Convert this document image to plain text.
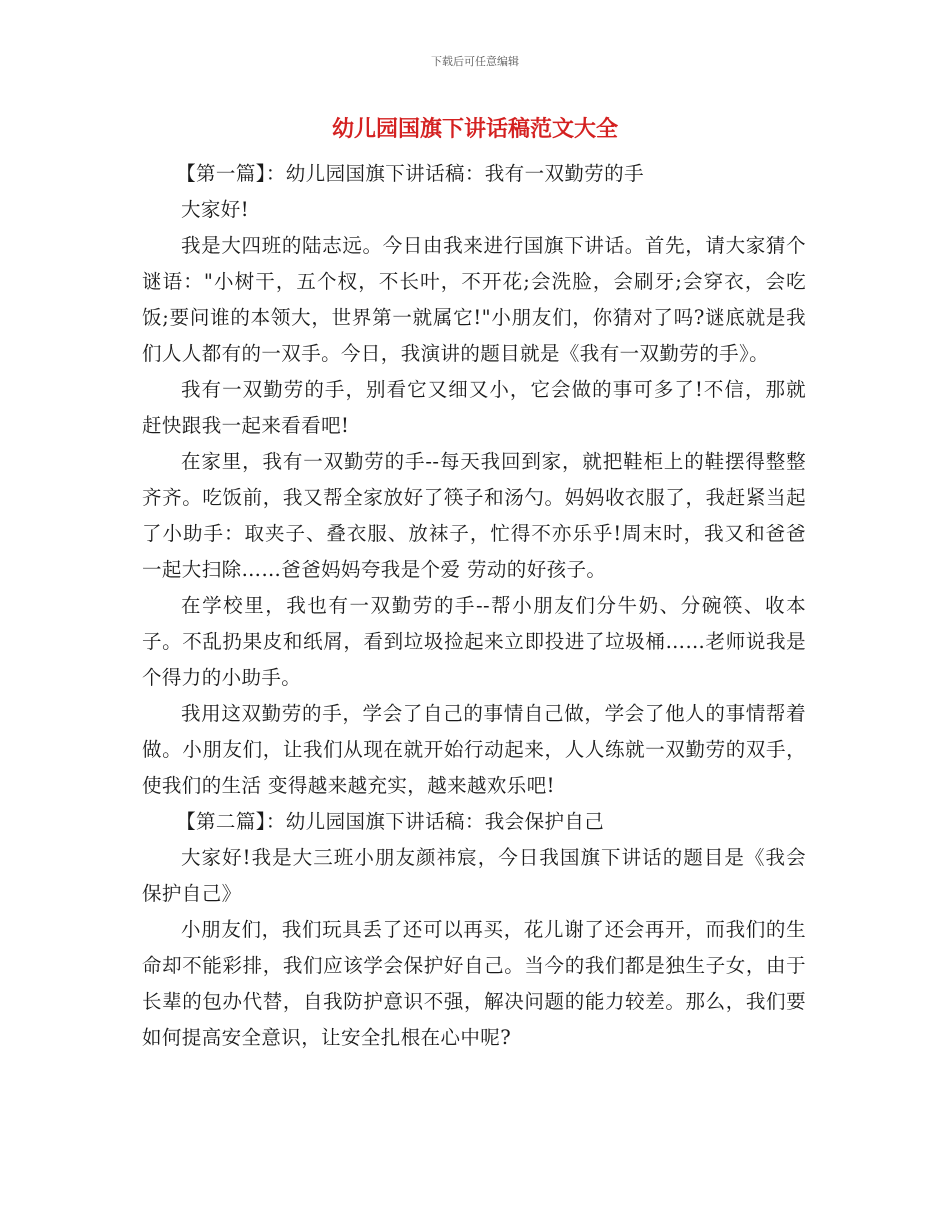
下载后可任意编辑
幼儿园国旗下讲话稿范文大全

【第一篇】：幼儿园国旗下讲话稿：我有一双勤劳的手

大家好!

我是大四班的陆志远。今日由我来进行国旗下讲话。首先，请大家猜个谜语："小树干，五个杈，不长叶，不开花;会洗脸，会刷牙;会穿衣，会吃饭;要问谁的本领大，世界第一就属它!"小朋友们，你猜对了吗?谜底就是我们人人都有的一双手。今日，我演讲的题目就是《我有一双勤劳的手》。

我有一双勤劳的手，别看它又细又小，它会做的事可多了!不信，那就赶快跟我一起来看看吧!

在家里，我有一双勤劳的手--每天我回到家，就把鞋柜上的鞋摆得整整齐齐。吃饭前，我又帮全家放好了筷子和汤勺。妈妈收衣服了，我赶紧当起了小助手：取夹子、叠衣服、放袜子，忙得不亦乐乎!周末时，我又和爸爸一起大扫除……爸爸妈妈夸我是个爱 劳动的好孩子。

在学校里，我也有一双勤劳的手--帮小朋友们分牛奶、分碗筷、收本子。不乱扔果皮和纸屑，看到垃圾捡起来立即投进了垃圾桶……老师说我是个得力的小助手。

我用这双勤劳的手，学会了自己的事情自己做，学会了他人的事情帮着做。小朋友们，让我们从现在就开始行动起来，人人练就一双勤劳的双手，使我们的生活 变得越来越充实，越来越欢乐吧!

【第二篇】：幼儿园国旗下讲话稿：我会保护自己

大家好!我是大三班小朋友颜祎宸，今日我国旗下讲话的题目是《我会保护自己》

小朋友们，我们玩具丢了还可以再买，花儿谢了还会再开，而我们的生命却不能彩排，我们应该学会保护好自己。当今的我们都是独生子女，由于长辈的包办代替，自我防护意识不强，解决问题的能力较差。那么，我们要如何提高安全意识，让安全扎根在心中呢?
